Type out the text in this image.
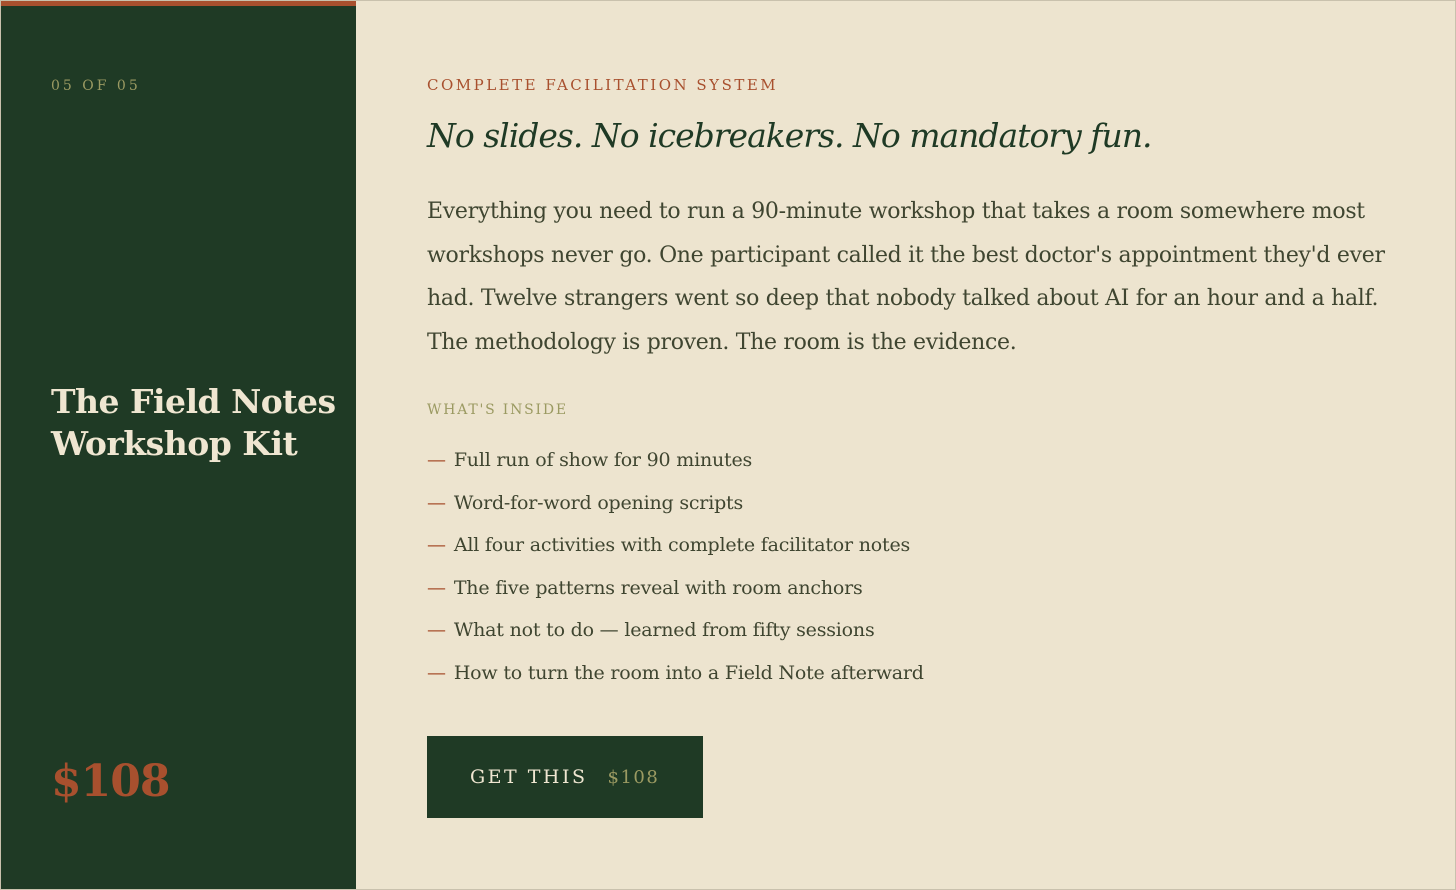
05 OF 05
The Field Notes Workshop Kit
$108
COMPLETE FACILITATION SYSTEM
No slides. No icebreakers. No mandatory fun.

Everything you need to run a 90-minute workshop that takes a room somewhere most workshops never go. One participant called it the best doctor's appointment they'd ever had. Twelve strangers went so deep that nobody talked about AI for an hour and a half. The methodology is proven. The room is the evidence.

WHAT'S INSIDE
— Full run of show for 90 minutes
— Word-for-word opening scripts
— All four activities with complete facilitator notes
— The five patterns reveal with room anchors
— What not to do — learned from fifty sessions
— How to turn the room into a Field Note afterward
GET THIS $108
